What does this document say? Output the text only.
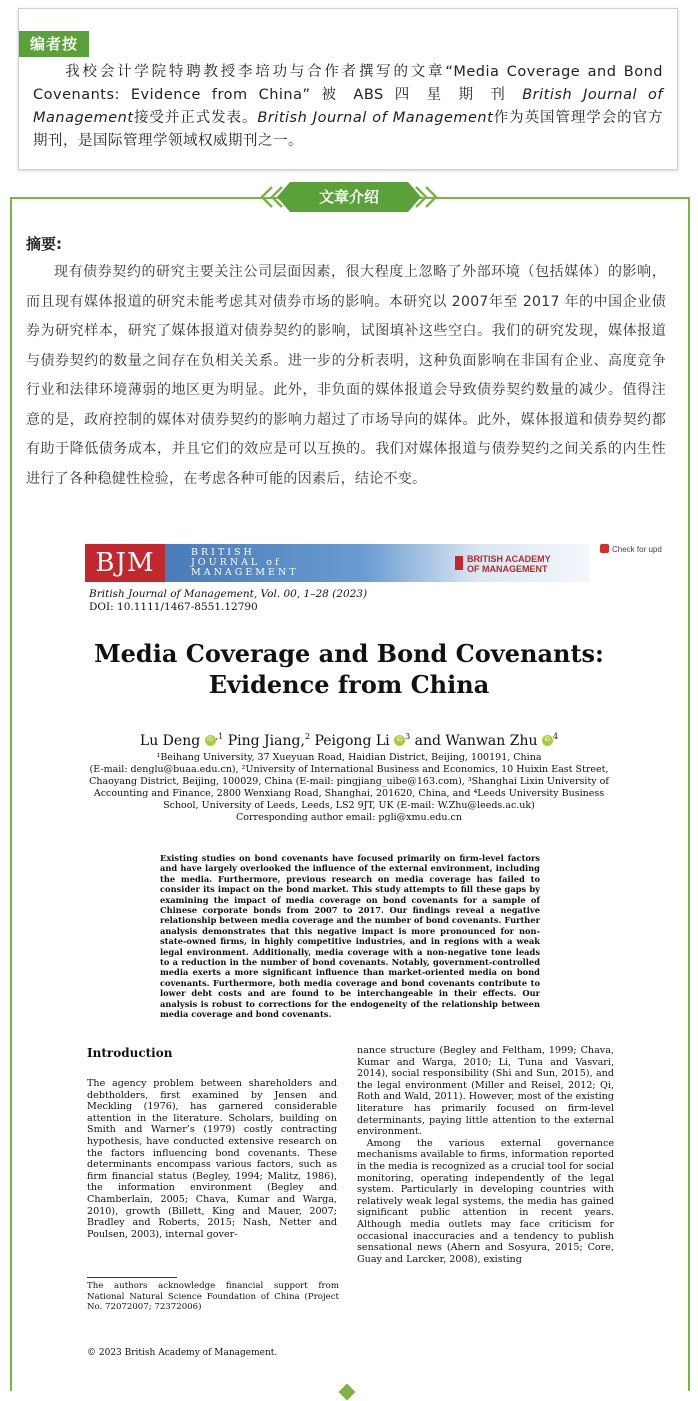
编者按
我校会计学院特聘教授李培功与合作者撰写的文章“Media Coverage and Bond Covenants: Evidence from China” 被 ABS 四 星 期 刊 British Journal of Management接受并正式发表。British Journal of Management作为英国管理学会的官方期刊，是国际管理学领域权威期刊之一。
文章介绍
摘要:
现有债券契约的研究主要关注公司层面因素，很大程度上忽略了外部环境（包括媒体）的影响，而且现有媒体报道的研究未能考虑其对债券市场的影响。本研究以 2007年至 2017 年的中国企业债券为研究样本，研究了媒体报道对债券契约的影响，试图填补这些空白。我们的研究发现，媒体报道与债券契约的数量之间存在负相关关系。进一步的分析表明，这种负面影响在非国有企业、高度竞争行业和法律环境薄弱的地区更为明显。此外，非负面的媒体报道会导致债券契约数量的减少。值得注意的是，政府控制的媒体对债券契约的影响力超过了市场导向的媒体。此外，媒体报道和债券契约都有助于降低债务成本，并且它们的效应是可以互换的。我们对媒体报道与债券契约之间关系的内生性进行了各种稳健性检验，在考虑各种可能的因素后，结论不变。
BJM	BRITISH
JOURNAL of
MANAGEMENT
BRITISH ACADEMY
OF MANAGEMENT
Check for upd
British Journal of Management, Vol. 00, 1–28 (2023)
DOI: 10.1111/1467-8551.12790
Media Coverage and Bond Covenants:
Evidence from China
Lu Deng iD $^{,1}$ Ping Jiang,$^2$ Peigong Li iD $^3$ and Wanwan Zhu iD $^4$
¹Beihang University, 37 Xueyuan Road, Haidian District, Beijing, 100191, China
(E-mail: denglu@buaa.edu.cn), ²University of International Business and Economics, 10 Huixin East Street,
Chaoyang District, Beijing, 100029, China (E-mail: pingjiang_uibe@163.com), ³Shanghai Lixin University of
Accounting and Finance, 2800 Wenxiang Road, Shanghai, 201620, China, and ⁴Leeds University Business
School, University of Leeds, Leeds, LS2 9JT, UK (E-mail: W.Zhu@leeds.ac.uk)
Corresponding author email: pgli@xmu.edu.cn
Existing studies on bond covenants have focused primarily on firm-level factors and have largely overlooked the influence of the external environment, including the media. Furthermore, previous research on media coverage has failed to consider its impact on the bond market. This study attempts to fill these gaps by examining the impact of media coverage on bond covenants for a sample of Chinese corporate bonds from 2007 to 2017. Our findings reveal a negative relationship between media coverage and the number of bond covenants. Further analysis demonstrates that this negative impact is more pronounced for non-state-owned firms, in highly competitive industries, and in regions with a weak legal environment. Additionally, media coverage with a non-negative tone leads to a reduction in the number of bond covenants. Notably, government-controlled media exerts a more significant influence than market-oriented media on bond covenants. Furthermore, both media coverage and bond covenants contribute to lower debt costs and are found to be interchangeable in their effects. Our analysis is robust to corrections for the endogeneity of the relationship between media coverage and bond covenants.
Introduction
The agency problem between shareholders and debtholders, first examined by Jensen and Meckling (1976), has garnered considerable attention in the literature. Scholars, building on Smith and Warner’s (1979) costly contracting hypothesis, have conducted extensive research on the factors influencing bond covenants. These determinants encompass various factors, such as firm financial status (Begley, 1994; Malitz, 1986), the information environment (Begley and Chamberlain, 2005; Chava, Kumar and Warga, 2010), growth (Billett, King and Mauer, 2007; Bradley and Roberts, 2015; Nash, Netter and Poulsen, 2003), internal gover-

nance structure (Begley and Feltham, 1999; Chava, Kumar and Warga, 2010; Li, Tuna and Vasvari, 2014), social responsibility (Shi and Sun, 2015), and the legal environment (Miller and Reisel, 2012; Qi, Roth and Wald, 2011). However, most of the existing literature has primarily focused on firm-level determinants, paying little attention to the external environment.

Among the various external governance mechanisms available to firms, information reported in the media is recognized as a crucial tool for social monitoring, operating independently of the legal system. Particularly in developing countries with relatively weak legal systems, the media has gained significant public attention in recent years. Although media outlets may face criticism for occasional inaccuracies and a tendency to publish sensational news (Ahern and Sosyura, 2015; Core, Guay and Larcker, 2008), existing

The authors acknowledge financial support from National Natural Science Foundation of China (Project No. 72072007; 72372006)
© 2023 British Academy of Management.
